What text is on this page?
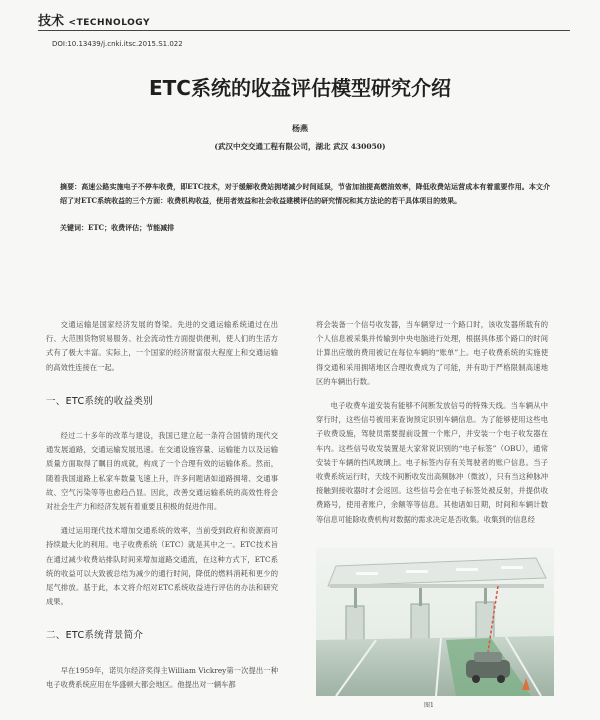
技术 <TECHNOLOGY
DOI:10.13439/j.cnki.itsc.2015.S1.022
ETC系统的收益评估模型研究介绍
杨燕
(武汉中交交通工程有限公司，湖北 武汉 430050)
摘要：高速公路实施电子不停车收费，即ETC技术，对于缓解收费站拥堵减少时间延误，节省加油提高燃油效率，降低收费站运营成本有着重要作用。本文介绍了对ETC系统收益的三个方面：收费机构收益，使用者效益和社会收益建模评估的研究情况和其方法论的若干具体项目的效果。
关键词：ETC；收费评估；节能减排

交通运输是国家经济发展的脊梁。先进的交通运输系统通过在出行、大范围货物贸易服务、社会流动性方面提供便利，使人们的生活方式有了极大丰富。实际上，一个国家的经济财富很大程度上和交通运输的高效性连接在一起。

一、ETC系统的收益类别

经过二十多年的改革与建设，我国已建立起一条符合国情的现代交通发展道路，交通运输发展迅速。在交通设施容量、运输能力以及运输质量方面取得了瞩目的成就，构成了一个合理有效的运输体系。然而，随着我国道路上私家车数量飞速上升，许多问题诸如道路拥堵、交通事故、空气污染等等也愈趋凸显。因此，改善交通运输系统的高效性将会对社会生产力和经济发展有着重要且积极的促进作用。

通过运用现代技术增加交通系统的效率，当前受到政府和资源商可持续最大化的利用。电子收费系统（ETC）就是其中之一。ETC技术旨在通过减少收费站排队时间来增加道路交通流，在这种方式下，ETC系统的收益可以大致被总结为减少的通行时间，降低的燃料消耗和更少的尾气排放。基于此，本文将介绍对ETC系统收益进行评估的办法和研究成果。

二、ETC系统背景简介

早在1959年，诺贝尔经济奖得主William Vickrey第一次提出一种电子收费系统应用在华盛顿大都会地区。他提出对一辆车都

将会装备一个信号收发器，当车辆穿过一个路口时，该收发器所载有的个人信息被采集并传输到中央电脑进行处理，根据具体那个路口的时间计算出应缴的费用被记在每位车辆的“账单”上。电子收费系统的实施使得交通和采用拥堵地区合理收费成为了可能，并有助于严格限制高速地区的车辆出行数。

电子收费车道安装有能够不间断发放信号的特殊天线。当车辆从中穿行时，这些信号被用来查询预定识别车辆信息。为了能够使用这些电子收费设施，驾驶员需要提前设置一个账户，并安装一个电子收发器在车内。这些信号收发装置是大家常说识别的“电子标签”（OBU），通常安装于车辆的挡风玻璃上。电子标签内存有关驾驶者的账户信息。当子收费系统运行时，天线不间断收发出高频脉冲（微波），只有当这种脉冲接触到接收器时才会返回。这些信号会在电子标签处被反射，并提供收费路号，使用者账户，余额等等信息。其他诸如日期，时间和车辆计数等信息可能除收费机构对数据的需求决定是否收集。收集到的信息经

图1
